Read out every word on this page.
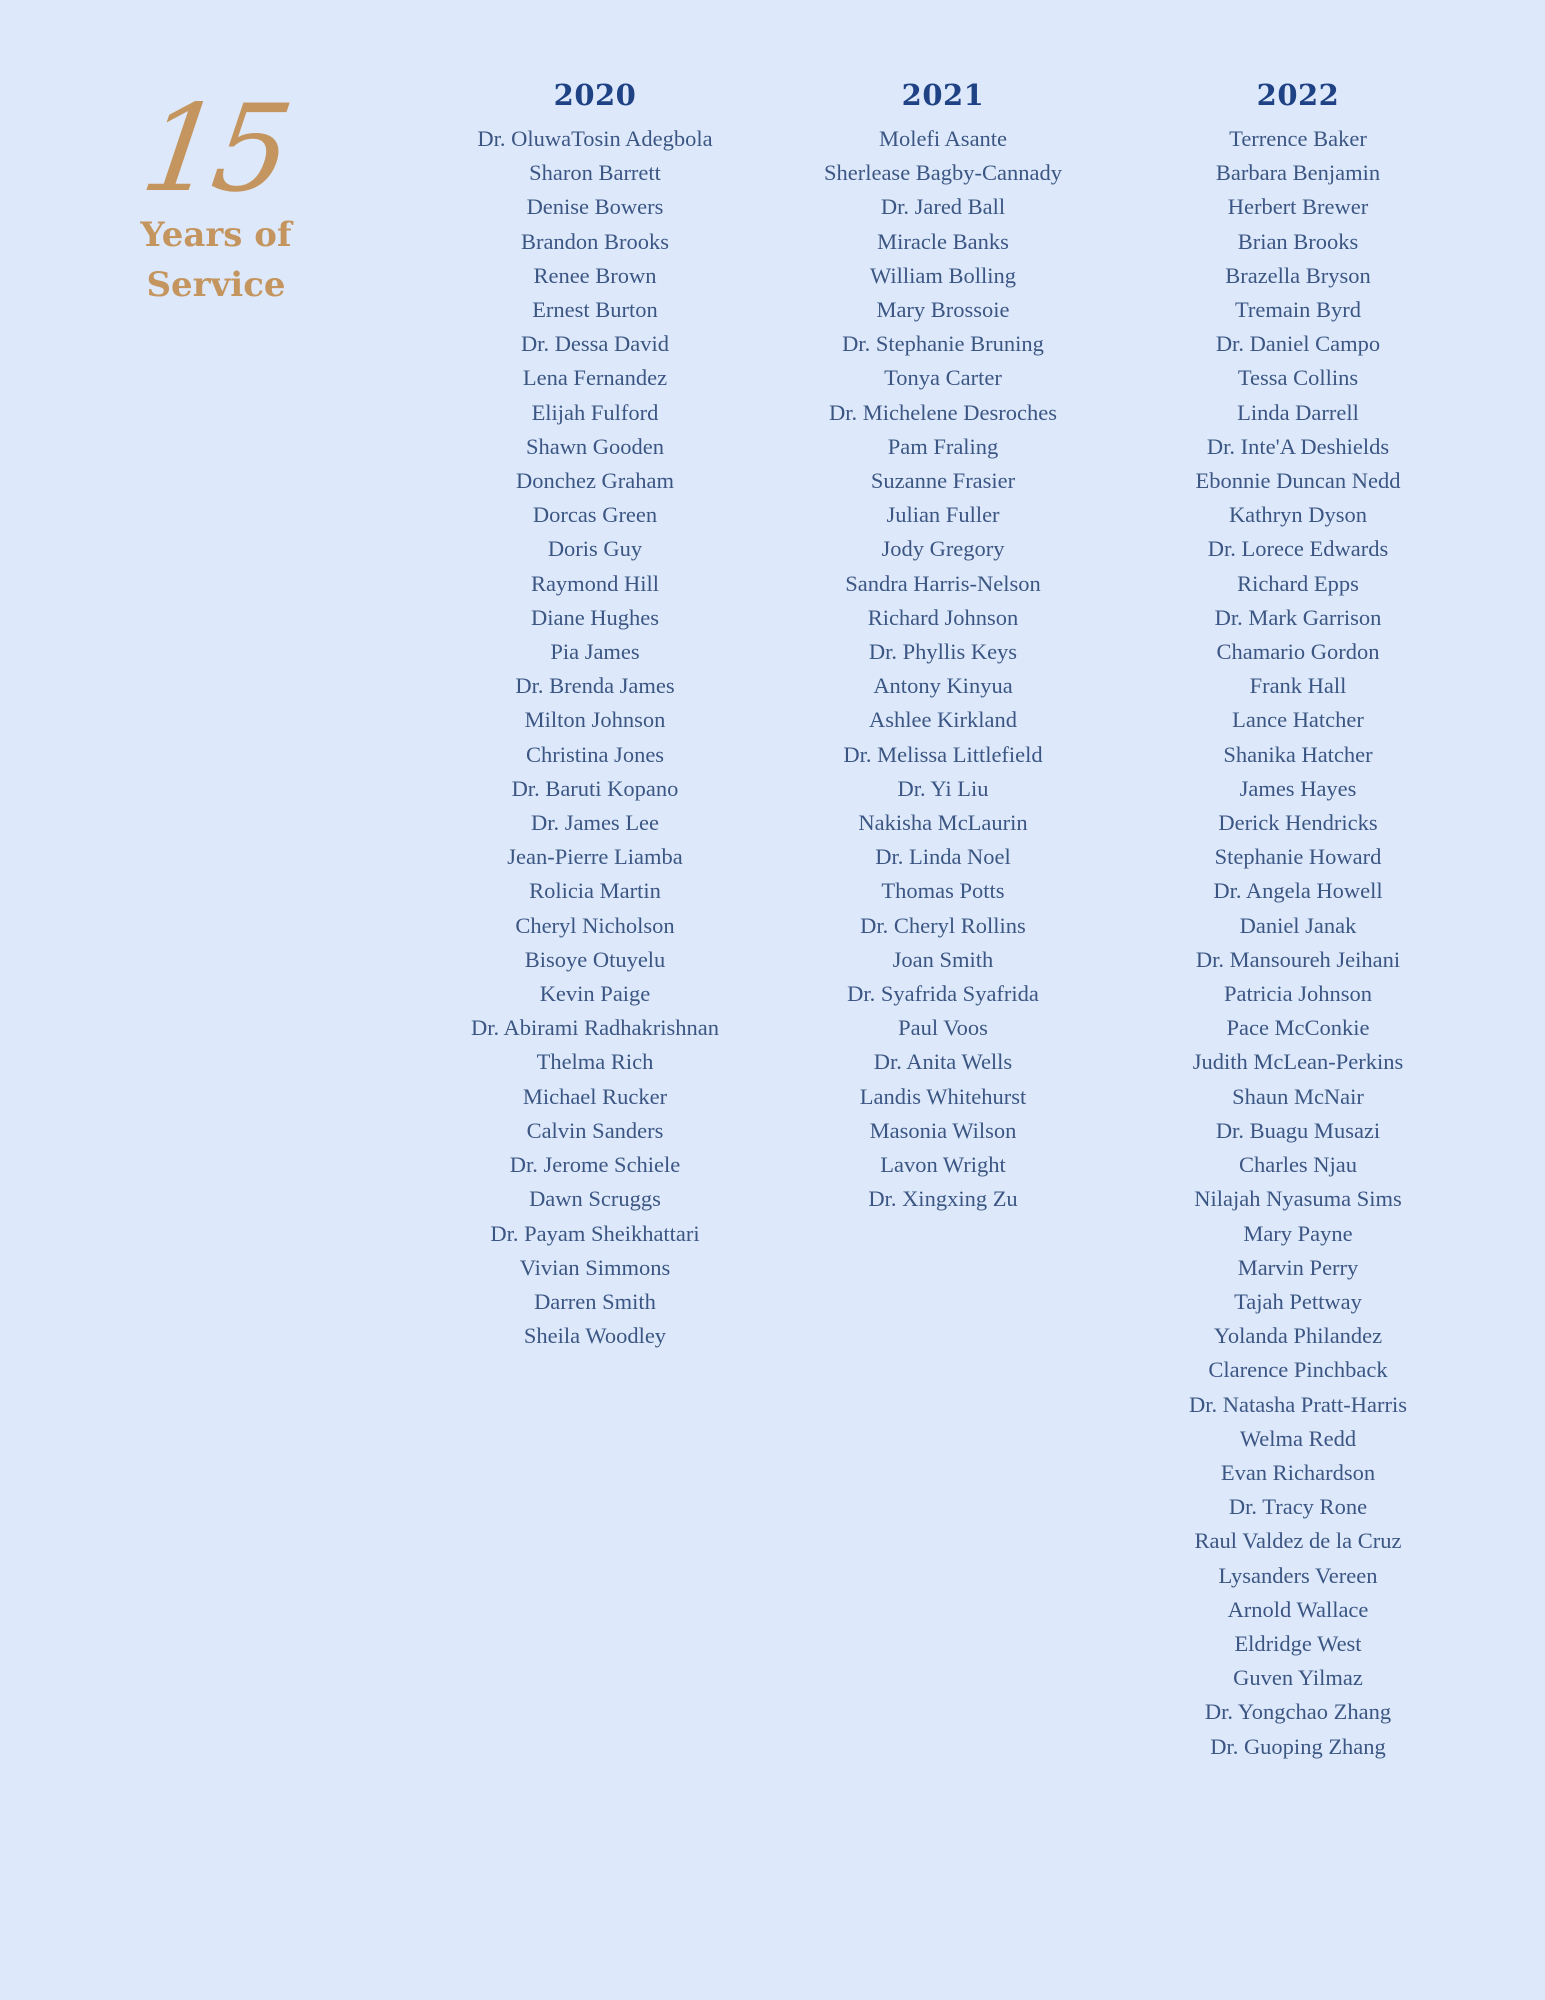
15
Years of
Service
2020
Dr. OluwaTosin Adegbola
Sharon Barrett
Denise Bowers
Brandon Brooks
Renee Brown
Ernest Burton
Dr. Dessa David
Lena Fernandez
Elijah Fulford
Shawn Gooden
Donchez Graham
Dorcas Green
Doris Guy
Raymond Hill
Diane Hughes
Pia James
Dr. Brenda James
Milton Johnson
Christina Jones
Dr. Baruti Kopano
Dr. James Lee
Jean-Pierre Liamba
Rolicia Martin
Cheryl Nicholson
Bisoye Otuyelu
Kevin Paige
Dr. Abirami Radhakrishnan
Thelma Rich
Michael Rucker
Calvin Sanders
Dr. Jerome Schiele
Dawn Scruggs
Dr. Payam Sheikhattari
Vivian Simmons
Darren Smith
Sheila Woodley
2021
Molefi Asante
Sherlease Bagby-Cannady
Dr. Jared Ball
Miracle Banks
William Bolling
Mary Brossoie
Dr. Stephanie Bruning
Tonya Carter
Dr. Michelene Desroches
Pam Fraling
Suzanne Frasier
Julian Fuller
Jody Gregory
Sandra Harris-Nelson
Richard Johnson
Dr. Phyllis Keys
Antony Kinyua
Ashlee Kirkland
Dr. Melissa Littlefield
Dr. Yi Liu
Nakisha McLaurin
Dr. Linda Noel
Thomas Potts
Dr. Cheryl Rollins
Joan Smith
Dr. Syafrida Syafrida
Paul Voos
Dr. Anita Wells
Landis Whitehurst
Masonia Wilson
Lavon Wright
Dr. Xingxing Zu
2022
Terrence Baker
Barbara Benjamin
Herbert Brewer
Brian Brooks
Brazella Bryson
Tremain Byrd
Dr. Daniel Campo
Tessa Collins
Linda Darrell
Dr. Inte'A Deshields
Ebonnie Duncan Nedd
Kathryn Dyson
Dr. Lorece Edwards
Richard Epps
Dr. Mark Garrison
Chamario Gordon
Frank Hall
Lance Hatcher
Shanika Hatcher
James Hayes
Derick Hendricks
Stephanie Howard
Dr. Angela Howell
Daniel Janak
Dr. Mansoureh Jeihani
Patricia Johnson
Pace McConkie
Judith McLean-Perkins
Shaun McNair
Dr. Buagu Musazi
Charles Njau
Nilajah Nyasuma Sims
Mary Payne
Marvin Perry
Tajah Pettway
Yolanda Philandez
Clarence Pinchback
Dr. Natasha Pratt-Harris
Welma Redd
Evan Richardson
Dr. Tracy Rone
Raul Valdez de la Cruz
Lysanders Vereen
Arnold Wallace
Eldridge West
Guven Yilmaz
Dr. Yongchao Zhang
Dr. Guoping Zhang
